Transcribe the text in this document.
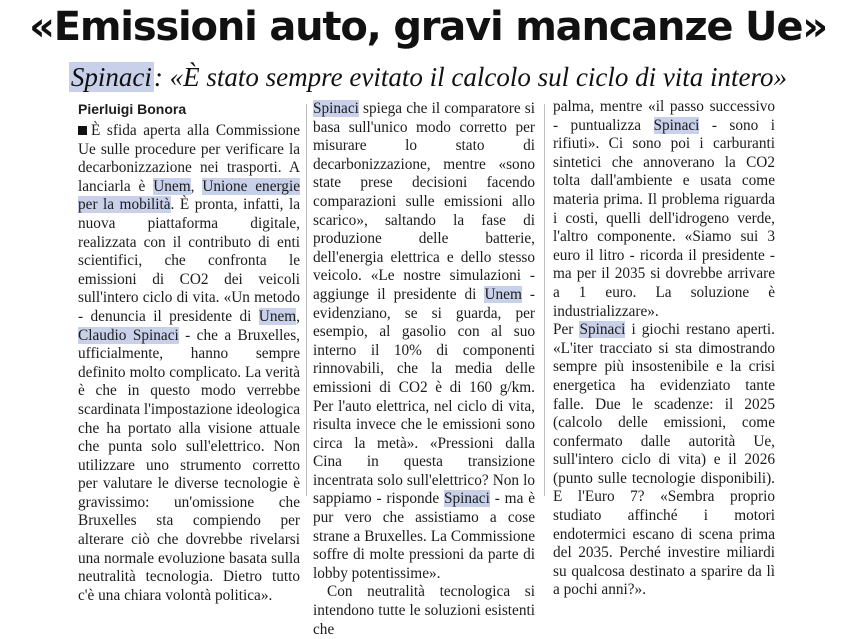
«Emissioni auto, gravi mancanze Ue»
Spinaci: «È stato sempre evitato il calcolo sul ciclo di vita intero»
Pierluigi Bonora

È sfida aperta alla Commissione Ue sulle procedure per verificare la decarbonizzazione nei trasporti. A lanciarla è Unem, Unione energie per la mobilità. È pronta, infatti, la nuova piattaforma digitale, realizzata con il contributo di enti scientifici, che confronta le emissioni di CO2 dei veicoli sull'intero ciclo di vita. «Un metodo - denuncia il presidente di Unem, Claudio Spinaci - che a Bruxelles, ufficialmente, hanno sempre definito molto complicato. La verità è che in questo modo verrebbe scardinata l'impostazione ideologica che ha portato alla visione attuale che punta solo sull'elettrico. Non utilizzare uno strumento corretto per valutare le diverse tecnologie è gravissimo: un'omissione che Bruxelles sta compiendo per alterare ciò che dovrebbe rivelarsi una normale evoluzione basata sulla neutralità tecnologia. Dietro tutto c'è una chiara volontà politica».

Spinaci spiega che il comparatore si basa sull'unico modo corretto per misurare lo stato di decarbonizzazione, mentre «sono state prese decisioni facendo comparazioni sulle emissioni allo scarico», saltando la fase di produzione delle batterie, dell'energia elettrica e dello stesso veicolo. «Le nostre simulazioni - aggiunge il presidente di Unem - evidenziano, se si guarda, per esempio, al gasolio con al suo interno il 10% di componenti rinnovabili, che la media delle emissioni di CO2 è di 160 g/km. Per l'auto elettrica, nel ciclo di vita, risulta invece che le emissioni sono circa la metà». «Pressioni dalla Cina in questa transizione incentrata solo sull'elettrico? Non lo sappiamo - risponde Spinaci - ma è pur vero che assistiamo a cose strane a Bruxelles. La Commissione soffre di molte pressioni da parte di lobby potentissime».

Con neutralità tecnologica si intendono tutte le soluzioni esistenti che

palma, mentre «il passo successivo - puntualizza Spinaci - sono i rifiuti». Ci sono poi i carburanti sintetici che annoverano la CO2 tolta dall'ambiente e usata come materia prima. Il problema riguarda i costi, quelli dell'idrogeno verde, l'altro componente. «Siamo sui 3 euro il litro - ricorda il presidente - ma per il 2035 si dovrebbe arrivare a 1 euro. La soluzione è industrializzare».

Per Spinaci i giochi restano aperti. «L'iter tracciato si sta dimostrando sempre più insostenibile e la crisi energetica ha evidenziato tante falle. Due le scadenze: il 2025 (calcolo delle emissioni, come confermato dalle autorità Ue, sull'intero ciclo di vita) e il 2026 (punto sulle tecnologie disponibili). E l'Euro 7? «Sembra proprio studiato affinché i motori endotermici escano di scena prima del 2035. Perché investire miliardi su qualcosa destinato a sparire da lì a pochi anni?».
